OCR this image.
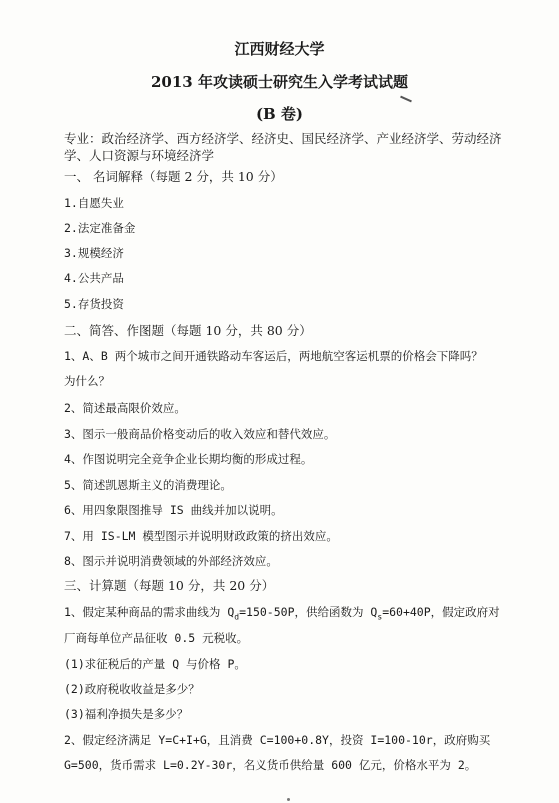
江西财经大学
2013 年攻读硕士研究生入学考试试题
(B 卷)
专业：政治经济学、西方经济学、经济史、国民经济学、产业经济学、劳动经济
学、人口资源与环境经济学
一、 名词解释（每题 2 分，共 10 分）
1.自愿失业
2.法定准备金
3.规模经济
4.公共产品
5.存货投资
二、简答、作图题（每题 10 分，共 80 分）
1、A、B 两个城市之间开通铁路动车客运后，两地航空客运机票的价格会下降吗？
为什么？
2、简述最高限价效应。
3、图示一般商品价格变动后的收入效应和替代效应。
4、作图说明完全竞争企业长期均衡的形成过程。
5、简述凯恩斯主义的消费理论。
6、用四象限图推导 IS 曲线并加以说明。
7、用 IS-LM 模型图示并说明财政政策的挤出效应。
8、图示并说明消费领域的外部经济效应。
三、计算题（每题 10 分，共 20 分）
1、假定某种商品的需求曲线为 $Q_d=150-50P$，供给函数为 $Q_s=60+40P$，假定政府对
厂商每单位产品征收 0.5 元税收。
(1)求征税后的产量 Q 与价格 P。
(2)政府税收收益是多少？
(3)福利净损失是多少？
2、假定经济满足 Y=C+I+G，且消费 C=100+0.8Y，投资 I=100-10r，政府购买
G=500，货币需求 L=0.2Y-30r，名义货币供给量 600 亿元，价格水平为 2。
